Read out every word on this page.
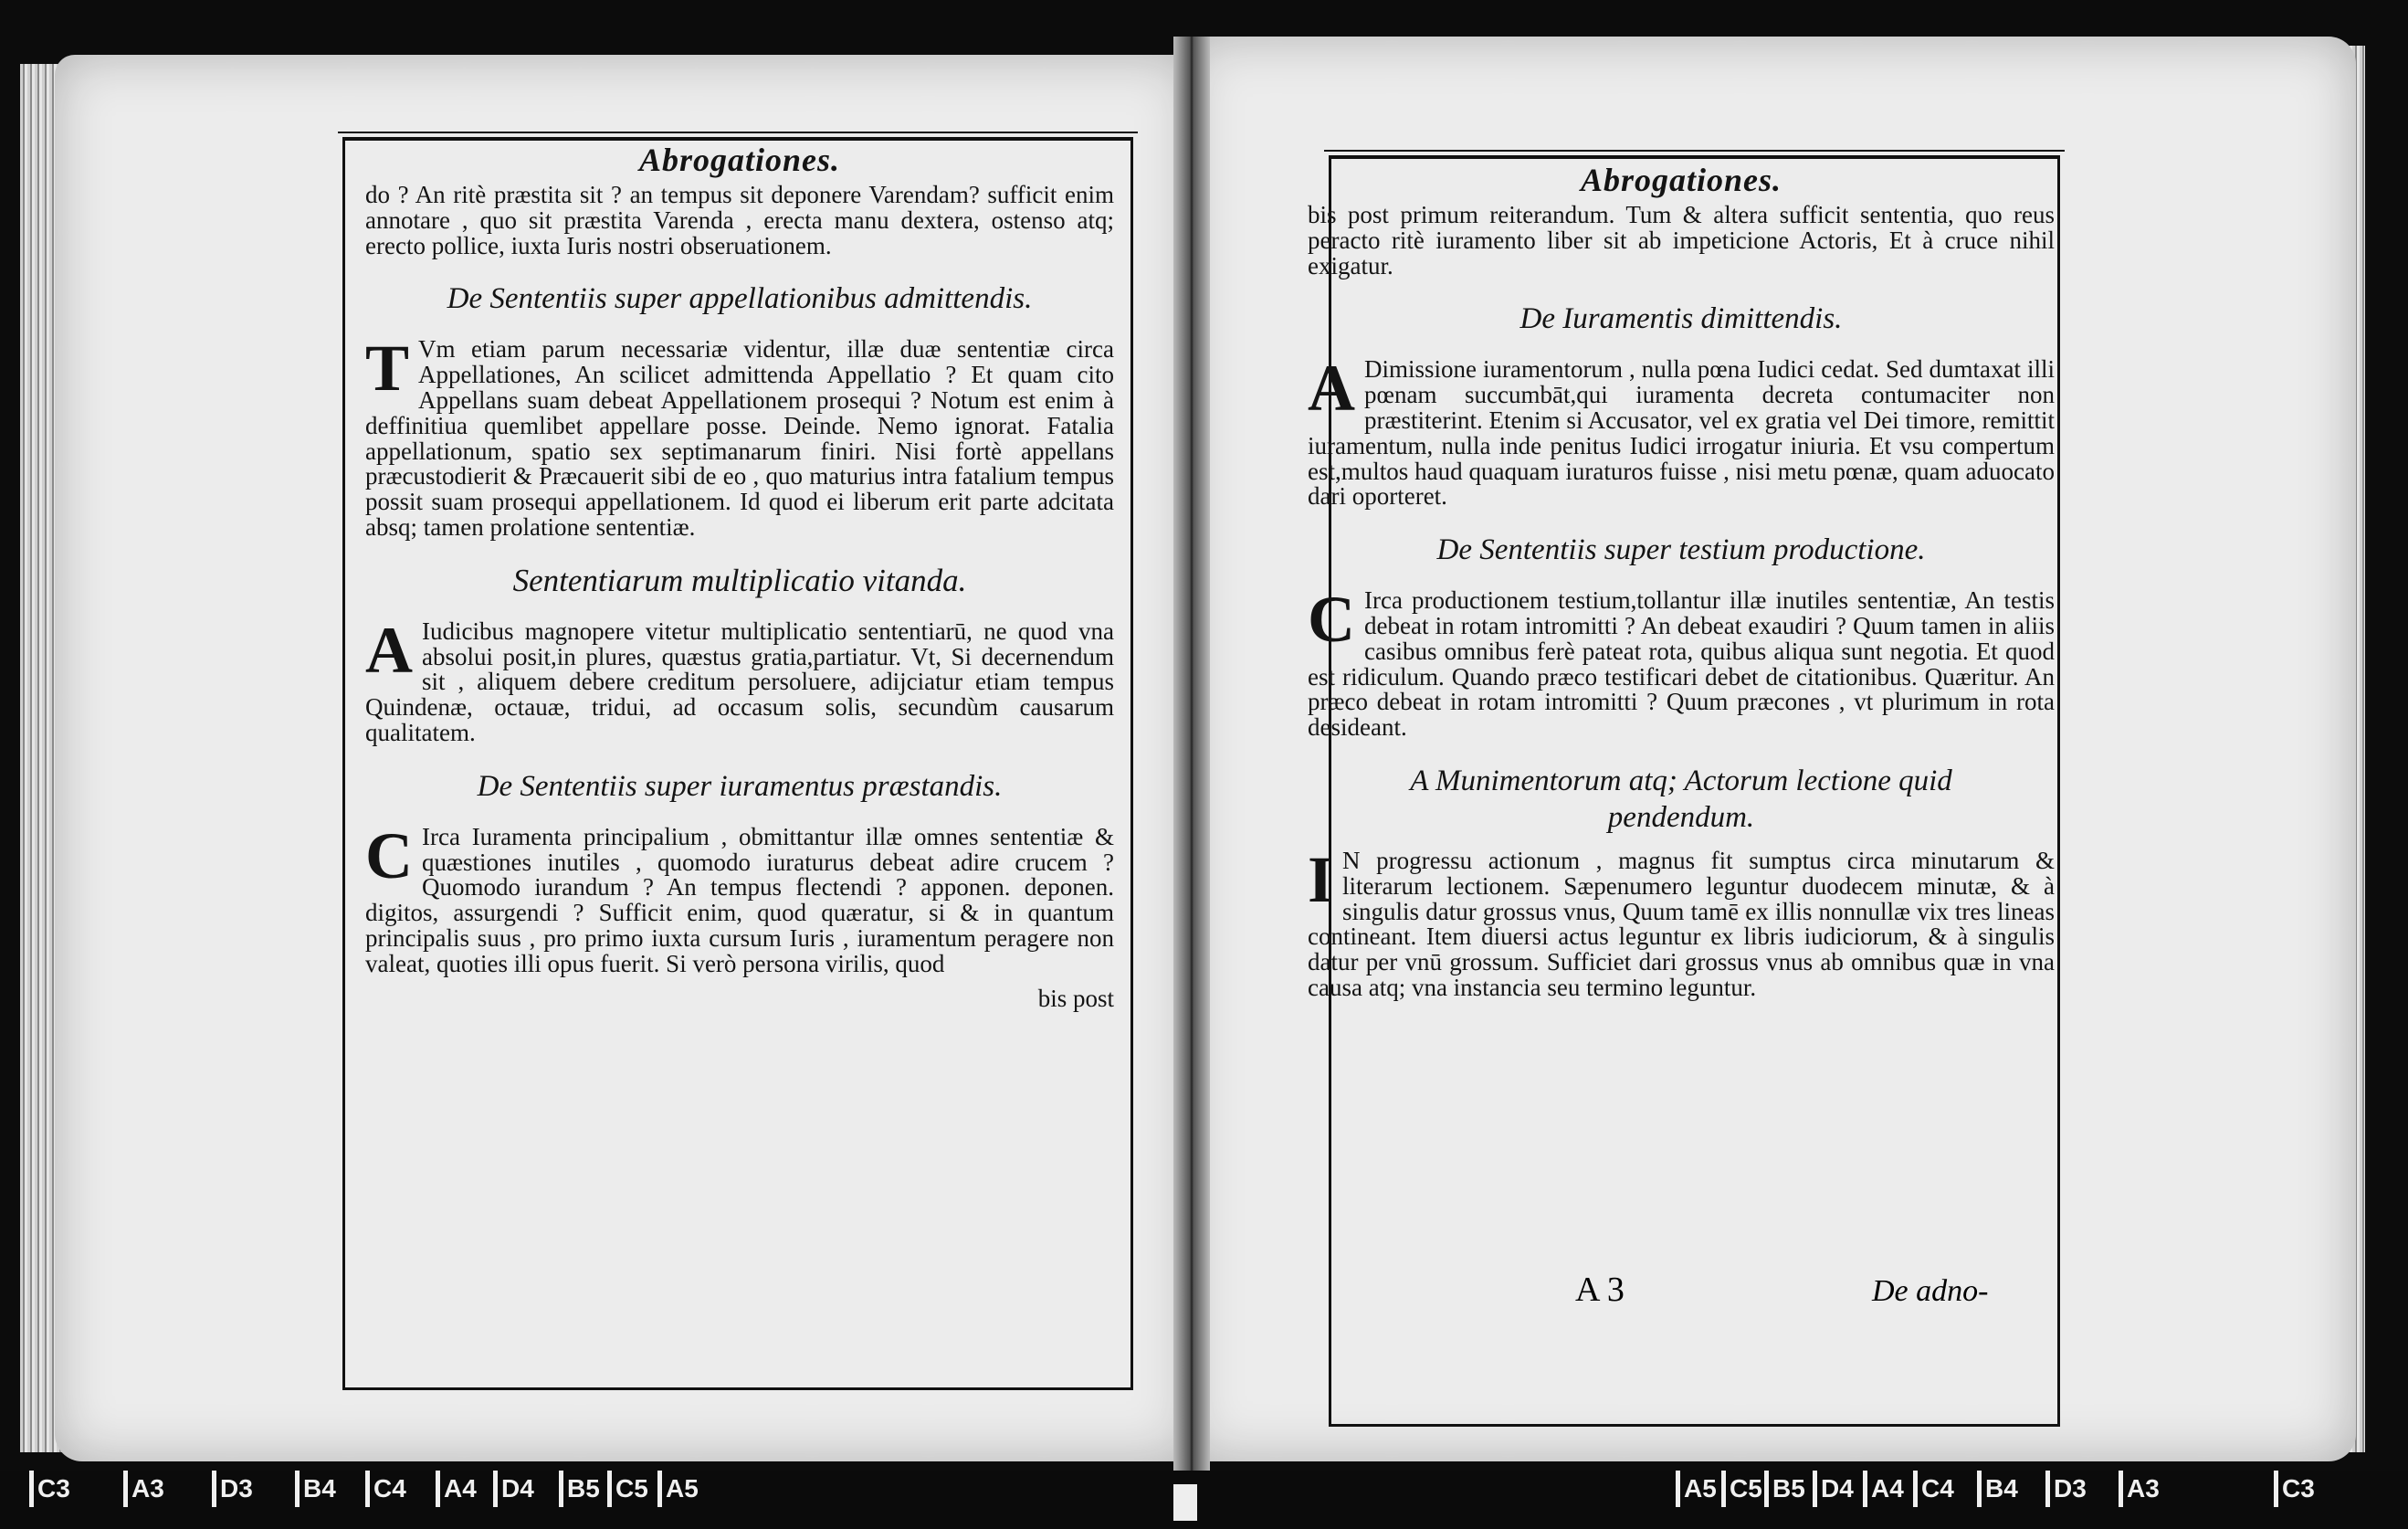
Abrogationes.

do ? An ritè præstita sit ? an tempus sit deponere Varendam? sufficit enim annotare , quo sit præstita Varenda , erecta manu dextera, ostenso atq; erecto pollice, iuxta Iuris nostri obseruationem.

De Sententiis super appellationibus admittendis.

T Vm etiam parum necessariæ videntur, illæ duæ sententiæ circa Appellationes, An scilicet admittenda Appellatio ? Et quam cito Appellans suam debeat Appellationem prosequi ? Notum est enim à deffinitiua quemlibet appellare posse. Deinde. Nemo ignorat. Fatalia appellationum, spatio sex septimanarum finiri. Nisi fortè appellans præcustodierit & Præcauerit sibi de eo , quo maturius intra fatalium tempus possit suam prosequi appellationem. Id quod ei liberum erit parte adcitata absq; tamen prolatione sententiæ.

Sententiarum multiplicatio vitanda.

A Iudicibus magnopere vitetur multiplicatio sententiarū, ne quod vna absolui posit,in plures, quæstus gratia,partiatur. Vt, Si decernendum sit , aliquem debere creditum persoluere, adijciatur etiam tempus Quindenæ, octauæ, tridui, ad occasum solis, secundùm causarum qualitatem.

De Sententiis super iuramentus præstandis.

C Irca Iuramenta principalium , obmittantur illæ omnes sententiæ & quæstiones inutiles , quomodo iuraturus debeat adire crucem ? Quomodo iurandum ? An tempus flectendi ? apponen. deponen. digitos, assurgendi ? Sufficit enim, quod quæratur, si & in quantum principalis suus , pro primo iuxta cursum Iuris , iuramentum peragere non valeat, quoties illi opus fuerit. Si verò persona virilis, quod

bis post
Abrogationes.

bis post primum reiterandum. Tum & altera sufficit sententia, quo reus peracto ritè iuramento liber sit ab impeticione Actoris, Et à cruce nihil exigatur.

De Iuramentis dimittendis.

A Dimissione iuramentorum , nulla pœna Iudici cedat. Sed dumtaxat illi pœnam succumbāt,qui iuramenta decreta contumaciter non præstiterint. Etenim si Accusator, vel ex gratia vel Dei timore, remittit iuramentum, nulla inde penitus Iudici irrogatur iniuria. Et vsu compertum est,multos haud quaquam iuraturos fuisse , nisi metu pœnæ, quam aduocato dari oporteret.

De Sententiis super testium productione.

C Irca productionem testium,tollantur illæ inutiles sententiæ, An testis debeat in rotam intromitti ? An debeat exaudiri ? Quum tamen in aliis casibus omnibus ferè pateat rota, quibus aliqua sunt negotia. Et quod est ridiculum. Quando præco testificari debet de citationibus. Quæritur. An præco debeat in rotam intromitti ? Quum præcones , vt plurimum in rota desideant.

A Munimentorum atq; Actorum lectione quid
pendendum.

I N progressu actionum , magnus fit sumptus circa minutarum & literarum lectionem. Sæpenumero leguntur duodecem minutæ, & à singulis datur grossus vnus, Quum tamē ex illis nonnullæ vix tres lineas contineant. Item diuersi actus leguntur ex libris iudiciorum, & à singulis datur per vnū grossum. Sufficiet dari grossus vnus ab omnibus quæ in vna causa atq; vna instancia seu termino leguntur.

A 3	De adno-
C3	A3	D3	B4	C4	A4 D4	B5 C5 A5	A5 C5 B5 D4 A4 C4	B4	D3	A3	C3
